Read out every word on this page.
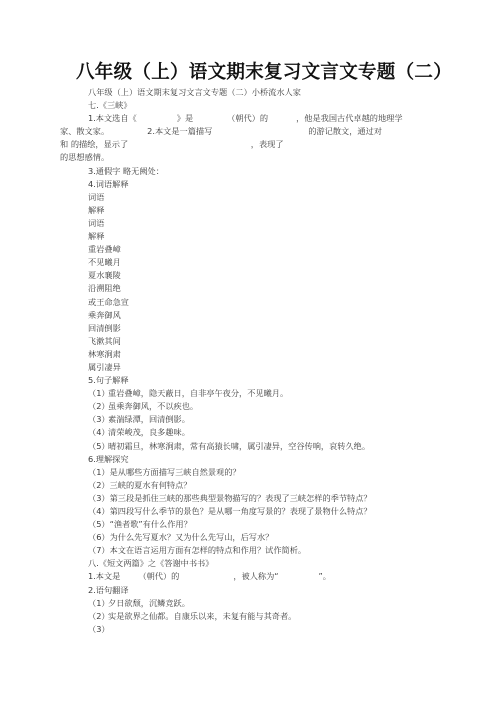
八年级（上）语文期末复习文言文专题（二）
八年级（上）语文期末复习文言文专题（二）小桥流水人家
七.《三峡》
1.本文选自《	》是	（朝代）的	，他是我国古代卓越的地理学
家、散文家。	2.本文是一篇描写	的游记散文，通过对
和 的描绘，显示了	，表现了
的思想感情。
3.通假字 略无阙处：
4.词语解释
词语
解释
词语
解释
重岩叠嶂
不见曦月
夏水襄陵
沿溯阻绝
或王命急宣
乘奔御风
回清倒影
飞漱其间
林寒涧肃
属引凄异
5.句子解释
（1）重岩叠嶂，隐天蔽日，自非亭午夜分，不见曦月。
（2）虽乘奔御风，不以疾也。
（3）素湍绿潭，回清倒影。
（4）清荣峻茂，良多趣味。
（5）晴初霜旦，林寒涧肃，常有高猿长啸，属引凄异，空谷传响，哀转久绝。
6.理解探究
（1）是从哪些方面描写三峡自然景观的？
（2）三峡的夏水有何特点？
（3）第三段是抓住三峡的那些典型景物描写的？表现了三峡怎样的季节特点？
（4）第四段写什么季节的景色？是从哪一角度写景的？表现了景物什么特点？
（5）“渔者歌”有什么作用？
（6）为什么先写夏水？又为什么先写山，后写水？
（7）本文在语言运用方面有怎样的特点和作用？试作简析。
八.《短文两篇》之《答谢中书书》
1.本文是 （朝代）的	，被人称为“	”。
2.语句翻译
（1）夕日欲颓，沉鳞竞跃。
（2）实是欲界之仙都。自康乐以来，未复有能与其奇者。
（3）
